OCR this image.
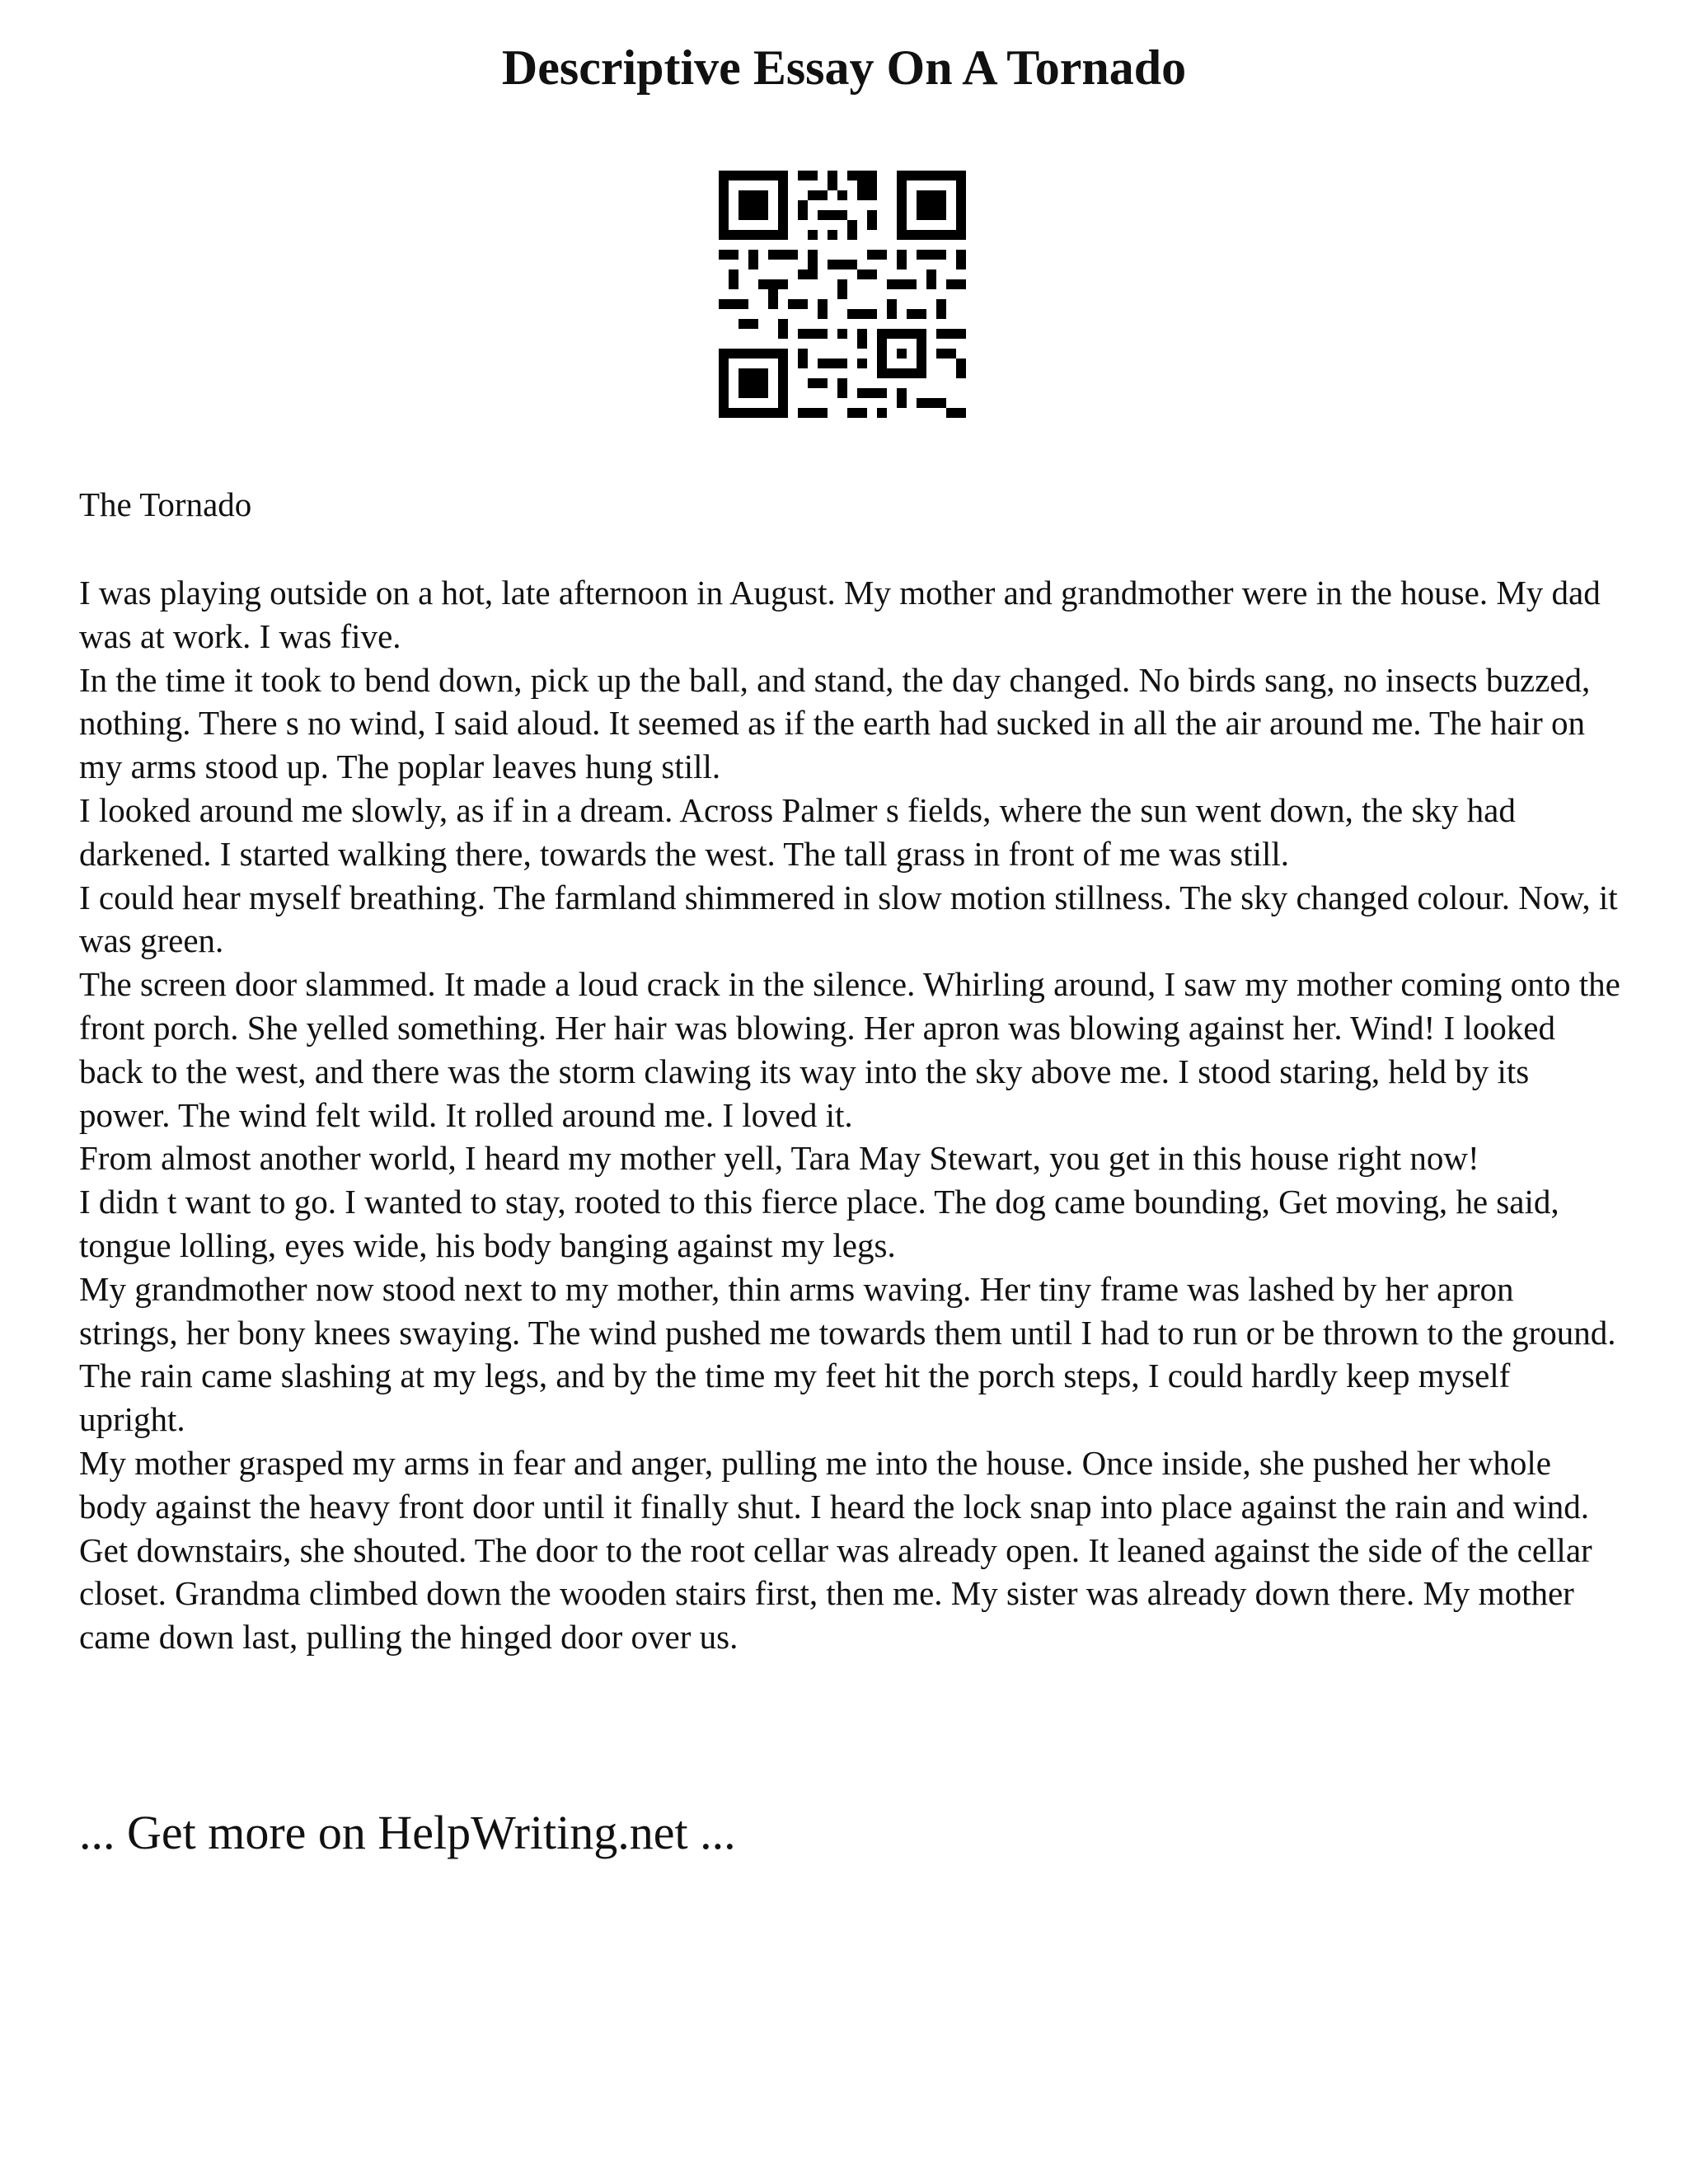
Descriptive Essay On A Tornado

The Tornado

I was playing outside on a hot, late afternoon in August. My mother and grandmother were in the house. My dad was at work. I was five.

In the time it took to bend down, pick up the ball, and stand, the day changed. No birds sang, no insects buzzed, nothing. There s no wind, I said aloud. It seemed as if the earth had sucked in all the air around me. The hair on my arms stood up. The poplar leaves hung still.

I looked around me slowly, as if in a dream. Across Palmer s fields, where the sun went down, the sky had darkened. I started walking there, towards the west. The tall grass in front of me was still.

I could hear myself breathing. The farmland shimmered in slow motion stillness. The sky changed colour. Now, it was green.

The screen door slammed. It made a loud crack in the silence. Whirling around, I saw my mother coming onto the front porch. She yelled something. Her hair was blowing. Her apron was blowing against her. Wind! I looked back to the west, and there was the storm clawing its way into the sky above me. I stood staring, held by its power. The wind felt wild. It rolled around me. I loved it.

From almost another world, I heard my mother yell, Tara May Stewart, you get in this house right now!

I didn t want to go. I wanted to stay, rooted to this fierce place. The dog came bounding, Get moving, he said, tongue lolling, eyes wide, his body banging against my legs.

My grandmother now stood next to my mother, thin arms waving. Her tiny frame was lashed by her apron strings, her bony knees swaying. The wind pushed me towards them until I had to run or be thrown to the ground. The rain came slashing at my legs, and by the time my feet hit the porch steps, I could hardly keep myself upright.

My mother grasped my arms in fear and anger, pulling me into the house. Once inside, she pushed her whole body against the heavy front door until it finally shut. I heard the lock snap into place against the rain and wind.

Get downstairs, she shouted. The door to the root cellar was already open. It leaned against the side of the cellar closet. Grandma climbed down the wooden stairs first, then me. My sister was already down there. My mother came down last, pulling the hinged door over us.

... Get more on HelpWriting.net ...
